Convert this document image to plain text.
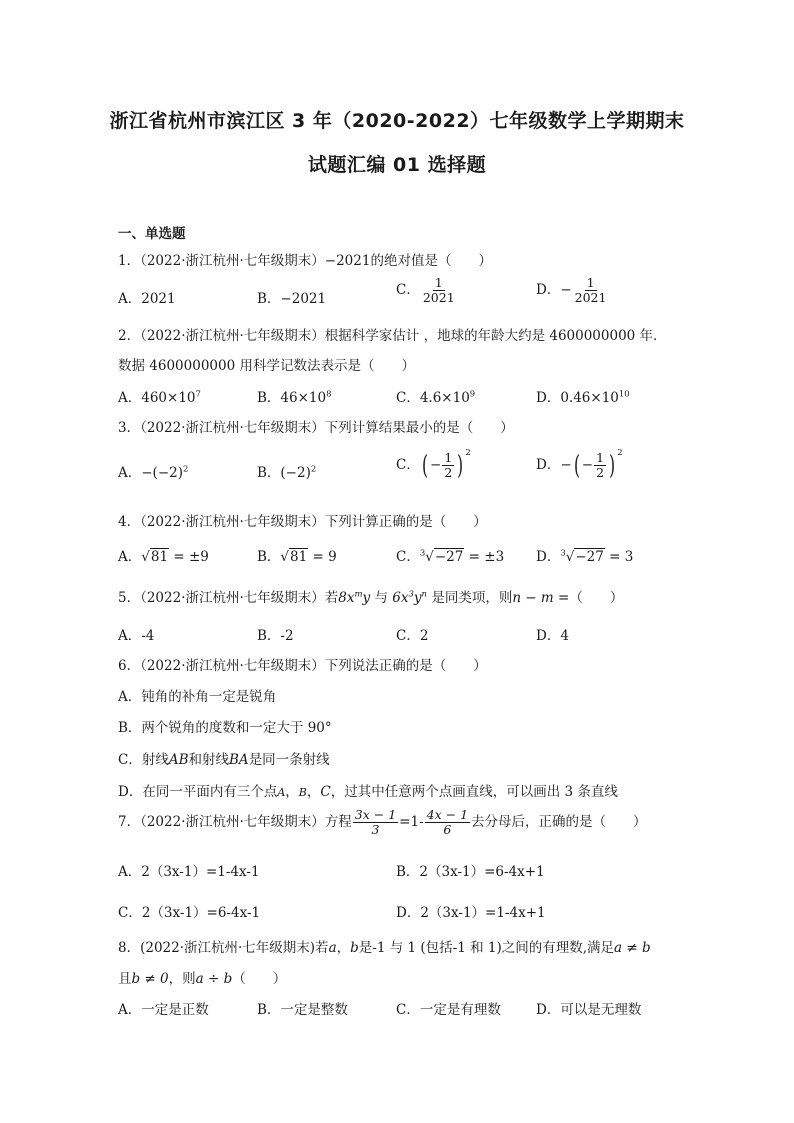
浙江省杭州市滨江区 3 年（2020-2022）七年级数学上学期期末
试题汇编 01 选择题
一、单选题
1．（2022·浙江杭州·七年级期末）−2021的绝对值是（　　）
A．2021	B．−2021
C． $\frac{1}{2021}$	D．− $\frac{1}{2021}$
2．（2022·浙江杭州·七年级期末）根据科学家估计 ，地球的年龄大约是 4600000000 年．
数据 4600000000 用科学记数法表示是（　　）
A．$460\times 10^7$	B．$46\times 10^8$	C．$4.6\times 10^9$	D．$0.46\times 10^{10}$
3．（2022·浙江杭州·七年级期末）下列计算结果最小的是（　　）
A．$-(-2)^2$	B．$(-2)^2$	C．( − $\frac{1}{2}$ ) $^2$
D．−( − $\frac{1}{2}$ ) $^2$
4．（2022·浙江杭州·七年级期末）下列计算正确的是（　　）
A．√81 = ±9	B．√81 = 9	C．$^3$√−27 = ±3 D．$^3$√−27 = 3
5．（2022·浙江杭州·七年级期末）若$8x^my$ 与 $6x^3y^n$ 是同类项，则n − m =（　　）
A．-4	B．-2	C．2	D．4
6．（2022·浙江杭州·七年级期末）下列说法正确的是（　　）
A．钝角的补角一定是锐角
B．两个锐角的度数和一定大于 90°
C．射线AB和射线BA是同一条射线
D．在同一平面内有三个点A，B，C，过其中任意两个点画直线，可以画出 3 条直线
7．（2022·浙江杭州·七年级期末）方程 $\frac{3x - 1}{3} =1- \frac{4x - 1}{6}$ 去分母后，正确的是（　　）
A．2（3x-1）=1-4x-1	B．2（3x-1）=6-4x+1
C．2（3x-1）=6-4x-1	D．2（3x-1）=1-4x+1
8．(2022·浙江杭州·七年级期末)若a，b是-1 与 1 (包括-1 和 1)之间的有理数,满足a ≠ b
且b ≠ 0，则a ÷ b（　　）
A．一定是正数	B．一定是整数	C．一定是有理数	D．可以是无理数
